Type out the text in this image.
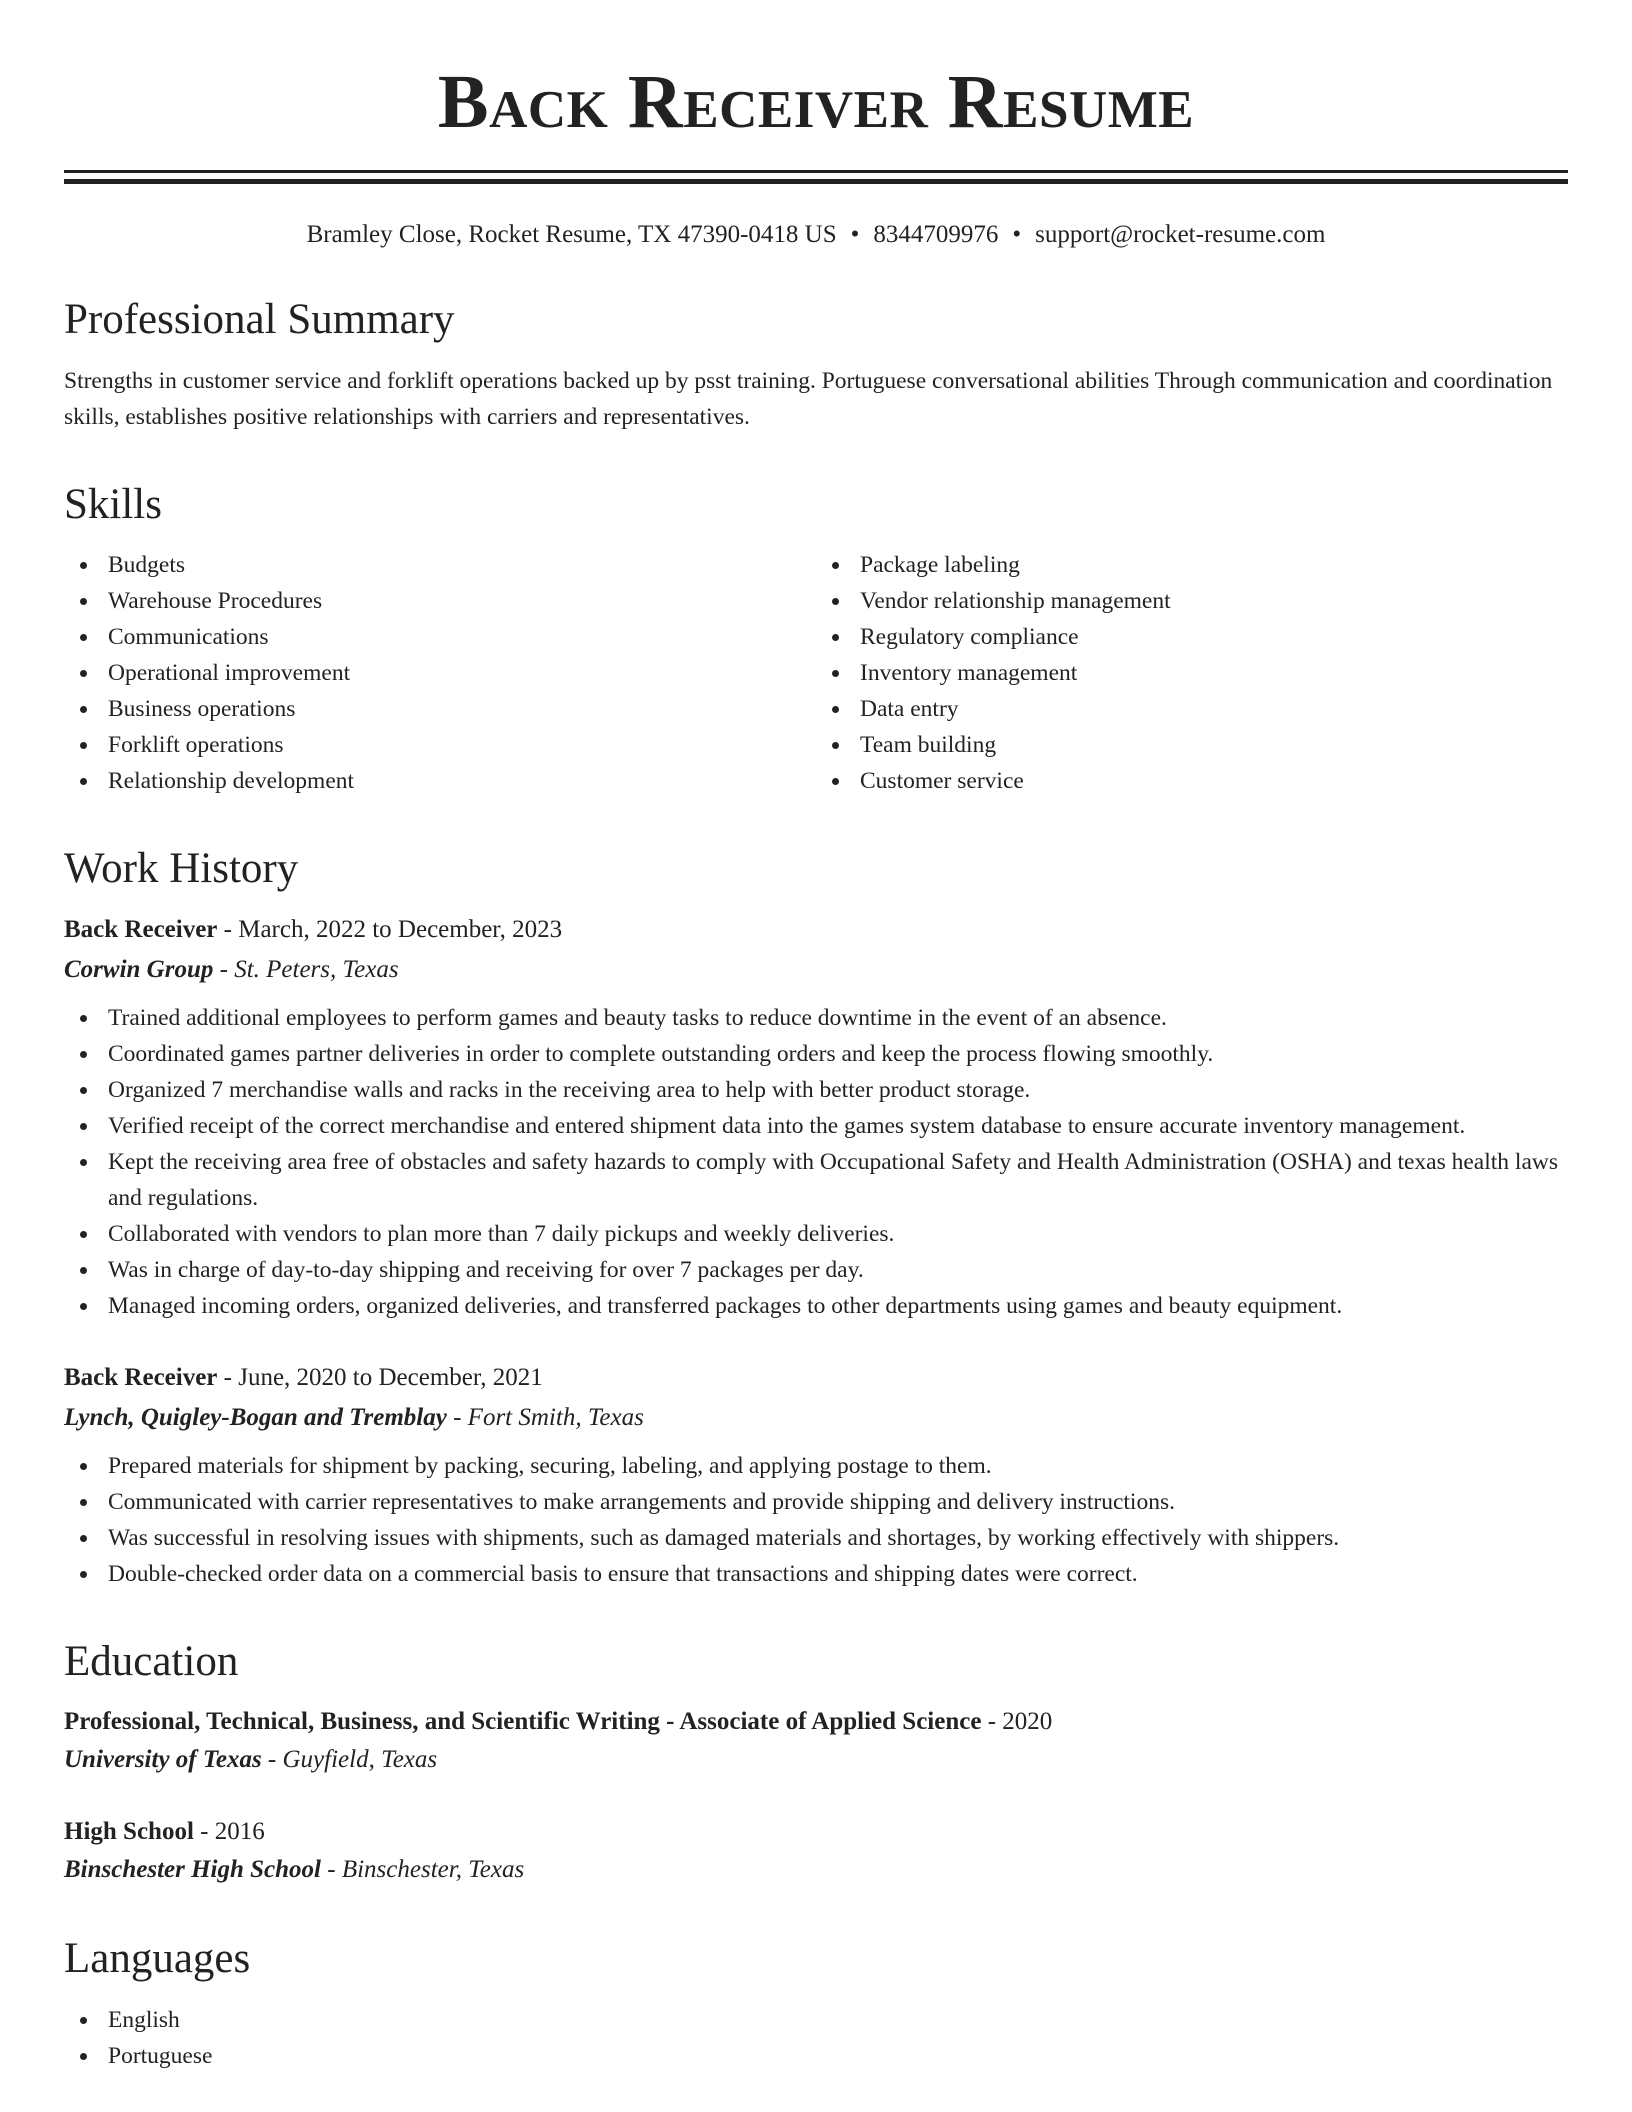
Back Receiver Resume
Bramley Close, Rocket Resume, TX 47390-0418 US • 8344709976 • support@rocket-resume.com
Professional Summary

Strengths in customer service and forklift operations backed up by psst training. Portuguese conversational abilities Through communication and coordination skills, establishes positive relationships with carriers and representatives.

Skills
Budgets
Warehouse Procedures
Communications
Operational improvement
Business operations
Forklift operations
Relationship development
Package labeling
Vendor relationship management
Regulatory compliance
Inventory management
Data entry
Team building
Customer service
Work History
Back Receiver - March, 2022 to December, 2023
Corwin Group - St. Peters, Texas
Trained additional employees to perform games and beauty tasks to reduce downtime in the event of an absence.
Coordinated games partner deliveries in order to complete outstanding orders and keep the process flowing smoothly.
Organized 7 merchandise walls and racks in the receiving area to help with better product storage.
Verified receipt of the correct merchandise and entered shipment data into the games system database to ensure accurate inventory management.
Kept the receiving area free of obstacles and safety hazards to comply with Occupational Safety and Health Administration (OSHA) and texas health laws and regulations.
Collaborated with vendors to plan more than 7 daily pickups and weekly deliveries.
Was in charge of day-to-day shipping and receiving for over 7 packages per day.
Managed incoming orders, organized deliveries, and transferred packages to other departments using games and beauty equipment.
Back Receiver - June, 2020 to December, 2021
Lynch, Quigley-Bogan and Tremblay - Fort Smith, Texas
Prepared materials for shipment by packing, securing, labeling, and applying postage to them.
Communicated with carrier representatives to make arrangements and provide shipping and delivery instructions.
Was successful in resolving issues with shipments, such as damaged materials and shortages, by working effectively with shippers.
Double-checked order data on a commercial basis to ensure that transactions and shipping dates were correct.
Education
Professional, Technical, Business, and Scientific Writing - Associate of Applied Science - 2020
University of Texas - Guyfield, Texas
High School - 2016
Binschester High School - Binschester, Texas
Languages
English
Portuguese
